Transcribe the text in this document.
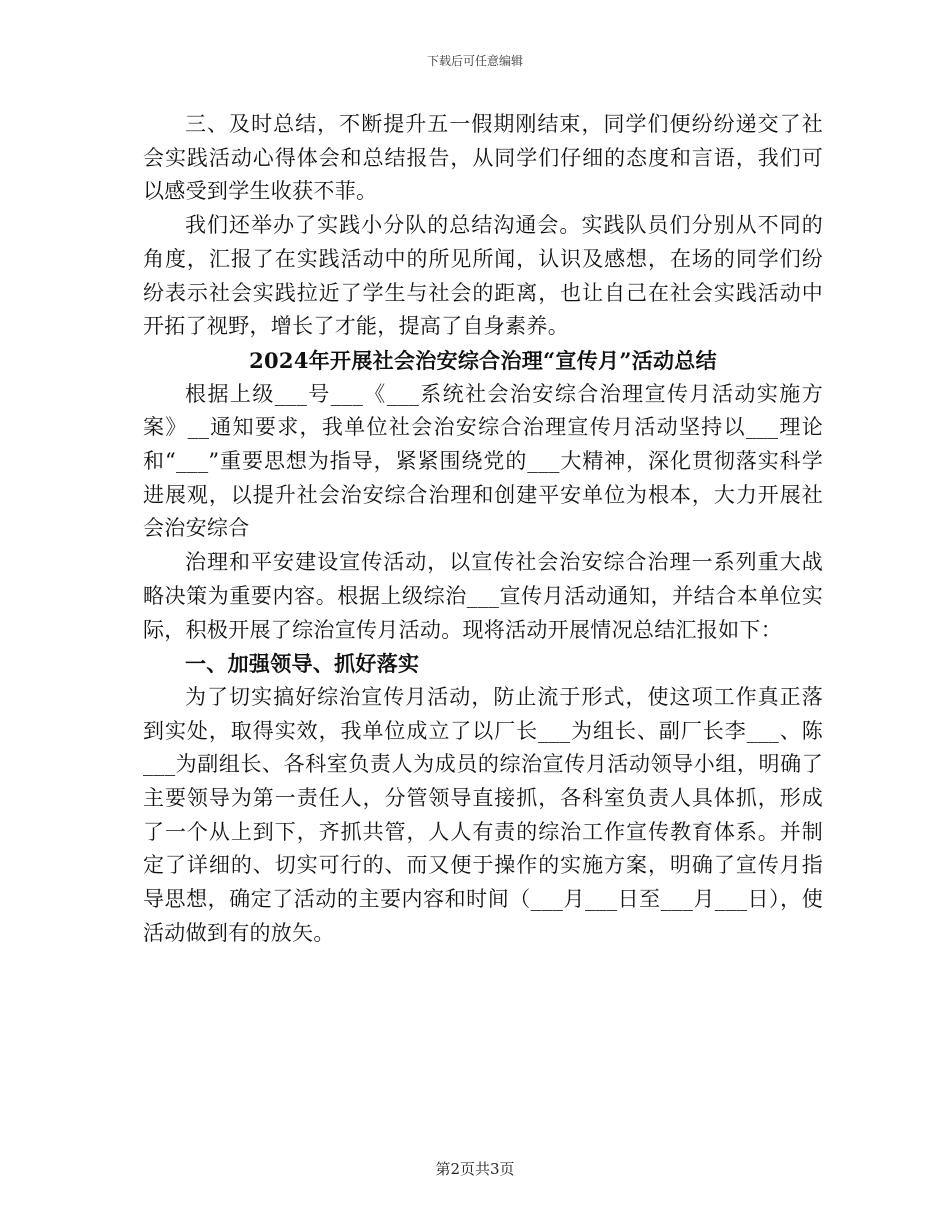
下载后可任意编辑

三、及时总结，不断提升五一假期刚结束，同学们便纷纷递交了社会实践活动心得体会和总结报告，从同学们仔细的态度和言语，我们可以感受到学生收获不菲。

我们还举办了实践小分队的总结沟通会。实践队员们分别从不同的角度，汇报了在实践活动中的所见所闻，认识及感想，在场的同学们纷纷表示社会实践拉近了学生与社会的距离，也让自己在社会实践活动中开拓了视野，增长了才能，提高了自身素养。

2024年开展社会治安综合治理“宣传月”活动总结

根据上级___号___《___系统社会治安综合治理宣传月活动实施方案》__通知要求，我单位社会治安综合治理宣传月活动坚持以___理论和“___”重要思想为指导，紧紧围绕党的___大精神，深化贯彻落实科学进展观，以提升社会治安综合治理和创建平安单位为根本，大力开展社会治安综合

治理和平安建设宣传活动，以宣传社会治安综合治理一系列重大战略决策为重要内容。根据上级综治___宣传月活动通知，并结合本单位实际，积极开展了综治宣传月活动。现将活动开展情况总结汇报如下：

一、加强领导、抓好落实

为了切实搞好综治宣传月活动，防止流于形式，使这项工作真正落到实处，取得实效，我单位成立了以厂长___为组长、副厂长李___、陈___为副组长、各科室负责人为成员的综治宣传月活动领导小组，明确了主要领导为第一责任人，分管领导直接抓，各科室负责人具体抓，形成了一个从上到下，齐抓共管，人人有责的综治工作宣传教育体系。并制定了详细的、切实可行的、而又便于操作的实施方案，明确了宣传月指导思想，确定了活动的主要内容和时间（___月___日至___月___日），使活动做到有的放矢。

第2页共3页
